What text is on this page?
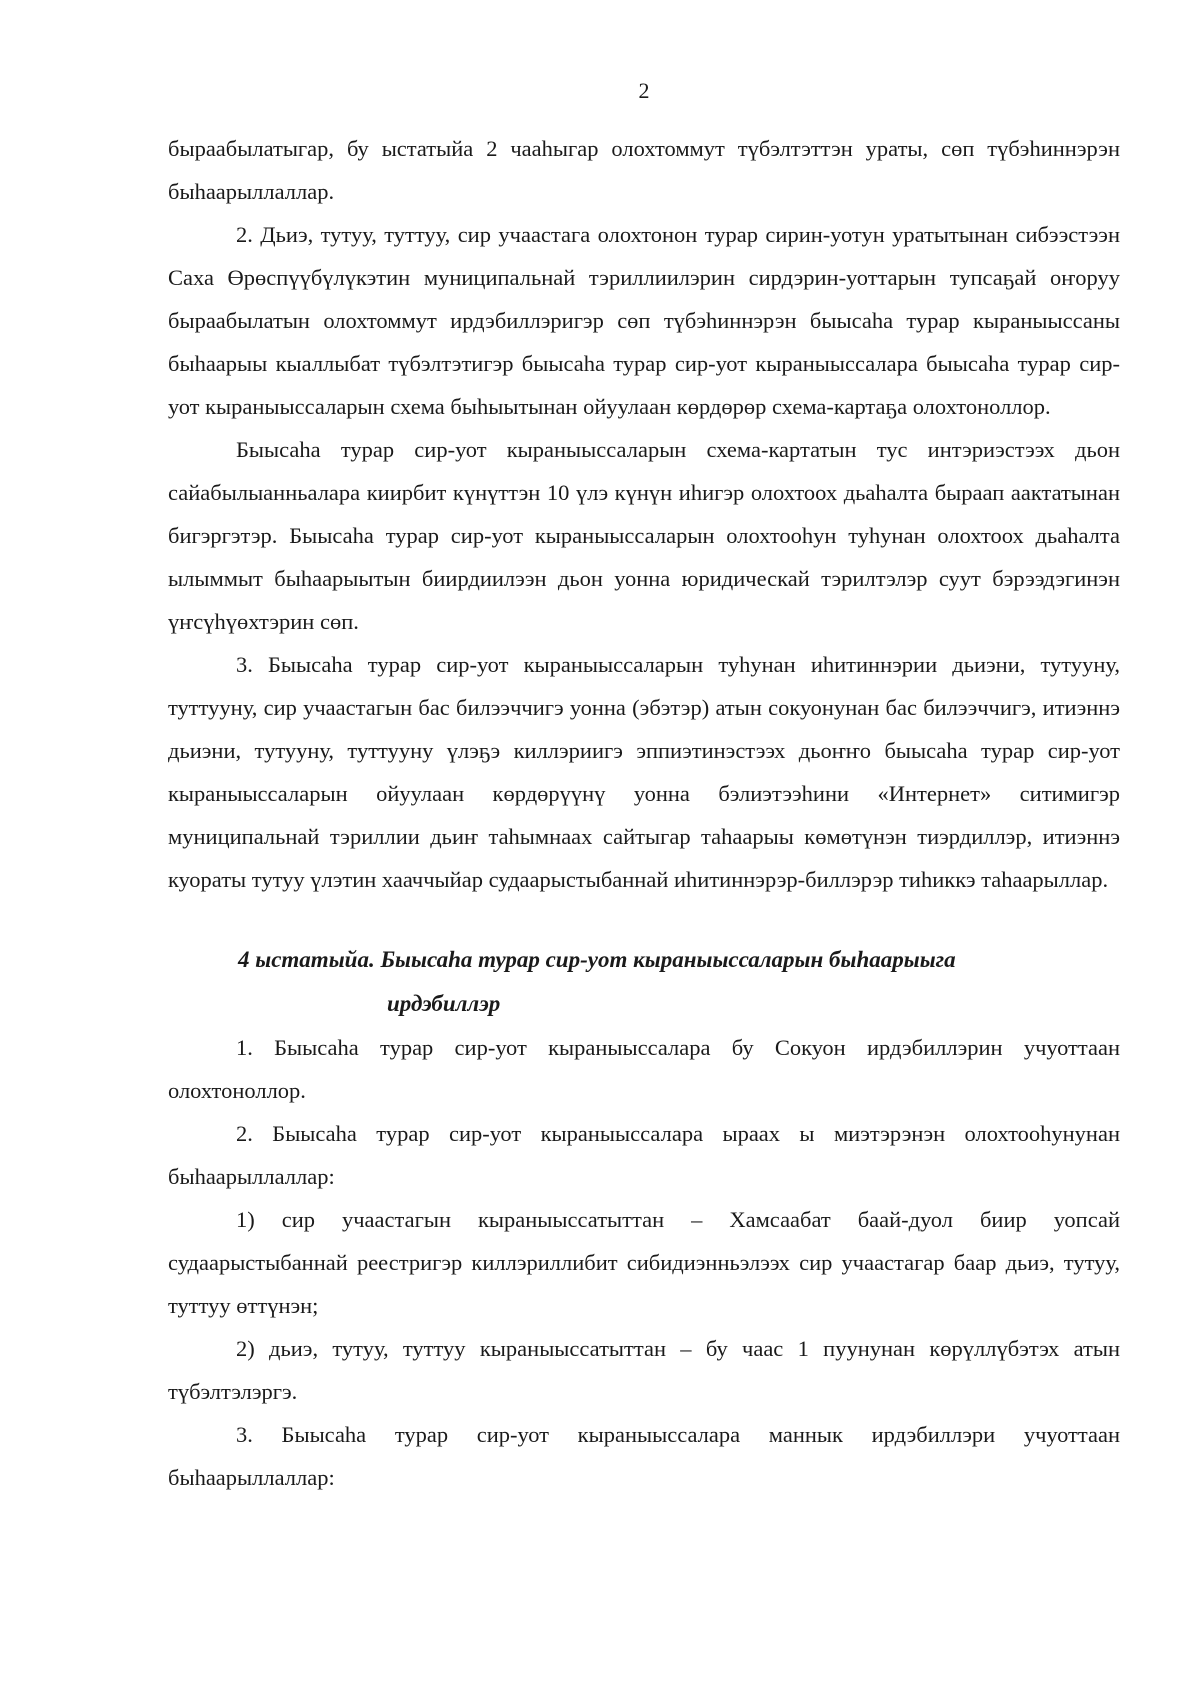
2

быраабылатыгар, бу ыстатыйа 2 чааһыгар олохтоммут түбэлтэттэн ураты, сөп түбэһиннэрэн быһаарыллаллар.

2. Дьиэ, тутуу, туттуу, сир учаастага олохтонон турар сирин-уотун уратытынан сибээстээн Саха Өрөспүүбүлүкэтин муниципальнай тэриллиилэрин сирдэрин-уоттарын тупсаҕай оҥоруу быраабылатын олохтоммут ирдэбиллэригэр сөп түбэһиннэрэн быысаһа турар кыраныыссаны быһаарыы кыаллыбат түбэлтэтигэр быысаһа турар сир-уот кыраныыссалара быысаһа турар сир-уот кыраныыссаларын схема быһыытынан ойуулаан көрдөрөр схема-картаҕа олохтоноллор.

Быысаһа турар сир-уот кыраныыссаларын схема-картатын тус интэриэстээх дьон сайабылыанньалара киирбит күнүттэн 10 үлэ күнүн иһигэр олохтоох дьаһалта быраап аактатынан бигэргэтэр. Быысаһа турар сир-уот кыраныыссаларын олохтооһун туһунан олохтоох дьаһалта ылыммыт быһаарыытын биирдиилээн дьон уонна юридическай тэрилтэлэр суут бэрээдэгинэн үҥсүһүөхтэрин сөп.

3. Быысаһа турар сир-уот кыраныыссаларын туһунан иһитиннэрии дьиэни, тутууну, туттууну, сир учаастагын бас билээччигэ уонна (эбэтэр) атын сокуонунан бас билээччигэ, итиэннэ дьиэни, тутууну, туттууну үлэҕэ киллэриигэ эппиэтинэстээх дьоҥҥо быысаһа турар сир-уот кыраныыссаларын ойуулаан көрдөрүүнү уонна бэлиэтээһини «Интернет» ситимигэр муниципальнай тэриллии дьиҥ таһымнаах сайтыгар таһаарыы көмөтүнэн тиэрдиллэр, итиэннэ куораты тутуу үлэтин хааччыйар судаарыстыбаннай иһитиннэрэр-биллэрэр тиһиккэ таһаарыллар.

4 ыстатыйа. Быысаһа турар сир-уот кыраныыссаларын быһаарыыга
ирдэбиллэр

1. Быысаһа турар сир-уот кыраныыссалара бу Сокуон ирдэбиллэрин учуоттаан олохтоноллор.

2. Быысаһа турар сир-уот кыраныыссалара ыраах ы миэтэрэнэн олохтооһунунан быһаарыллаллар:

1) сир учаастагын кыраныыссатыттан – Хамсаабат баай-дуол биир уопсай судаарыстыбаннай реестригэр киллэриллибит сибидиэнньэлээх сир учаастагар баар дьиэ, тутуу, туттуу өттүнэн;

2) дьиэ, тутуу, туттуу кыраныыссатыттан – бу чаас 1 пуунунан көрүллүбэтэх атын түбэлтэлэргэ.

3. Быысаһа турар сир-уот кыраныыссалара маннык ирдэбиллэри учуоттаан быһаарыллаллар:
